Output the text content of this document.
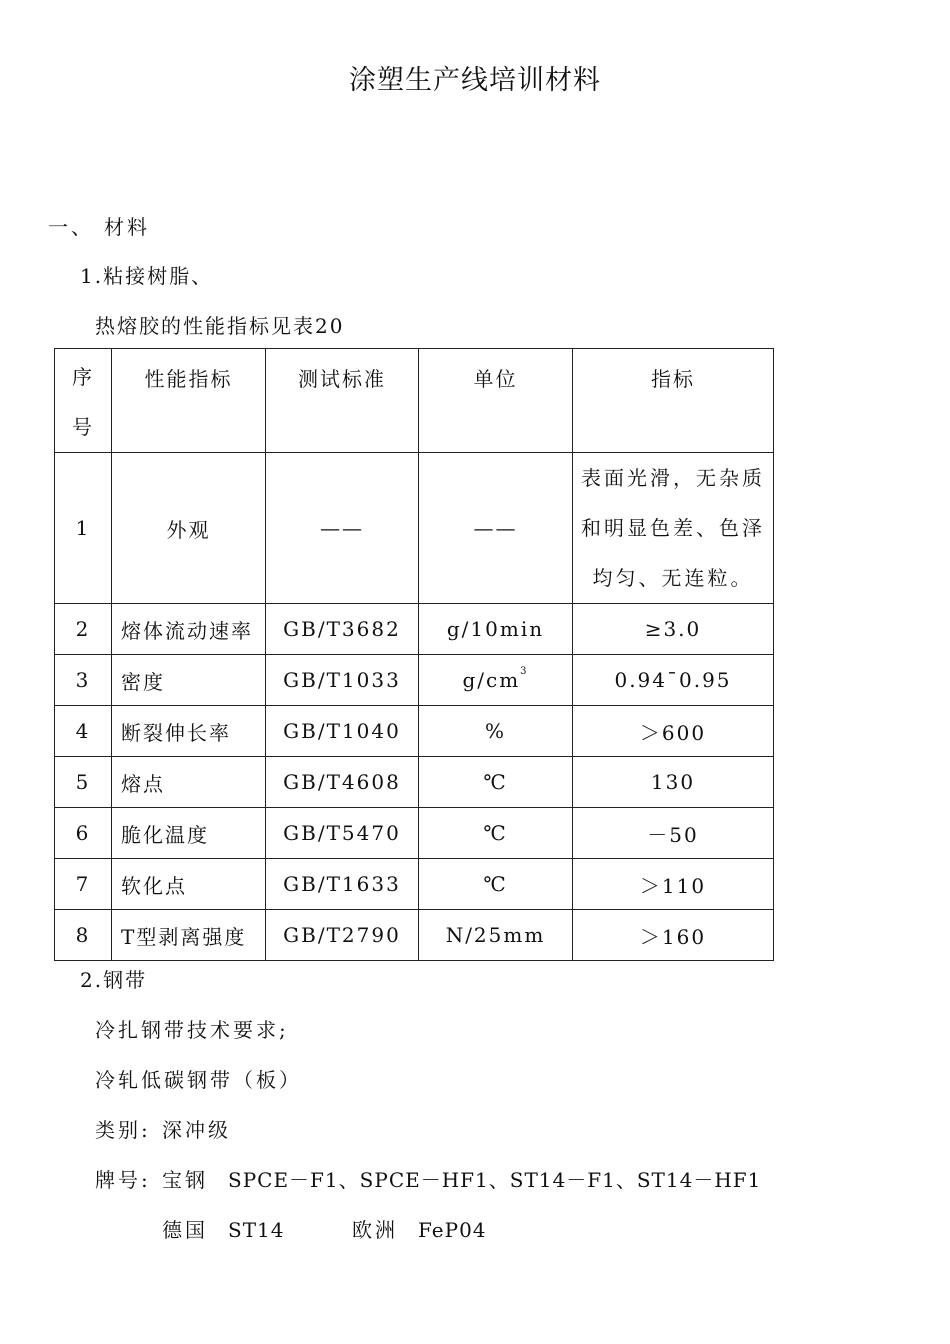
涂塑生产线培训材料
一、 材料
1.粘接树脂、
热熔胶的性能指标见表20
序
号	性能指标	测试标准	单位	指标

1	外观	——	——	表面光滑，无杂质
和明显色差、色泽
均匀、无连粒。
2	熔体流动速率	GB/T3682	g/10min	≥3.0
3	密度	GB/T1033	$g/cm^3$	0.94¯0.95
4	断裂伸长率	GB/T1040	%	＞600
5	熔点	GB/T4608	℃	130
6	脆化温度	GB/T5470	℃	－50
7	软化点	GB/T1633	℃	＞110
8	T型剥离强度	GB/T2790	N/25mm	＞160
2.钢带
冷扎钢带技术要求;
冷轧低碳钢带（板）
类别: 深冲级
牌号: 宝钢 SPCE－F1、SPCE－HF1、ST14－F1、ST14－HF1
德国 ST14	欧洲 FeP04
